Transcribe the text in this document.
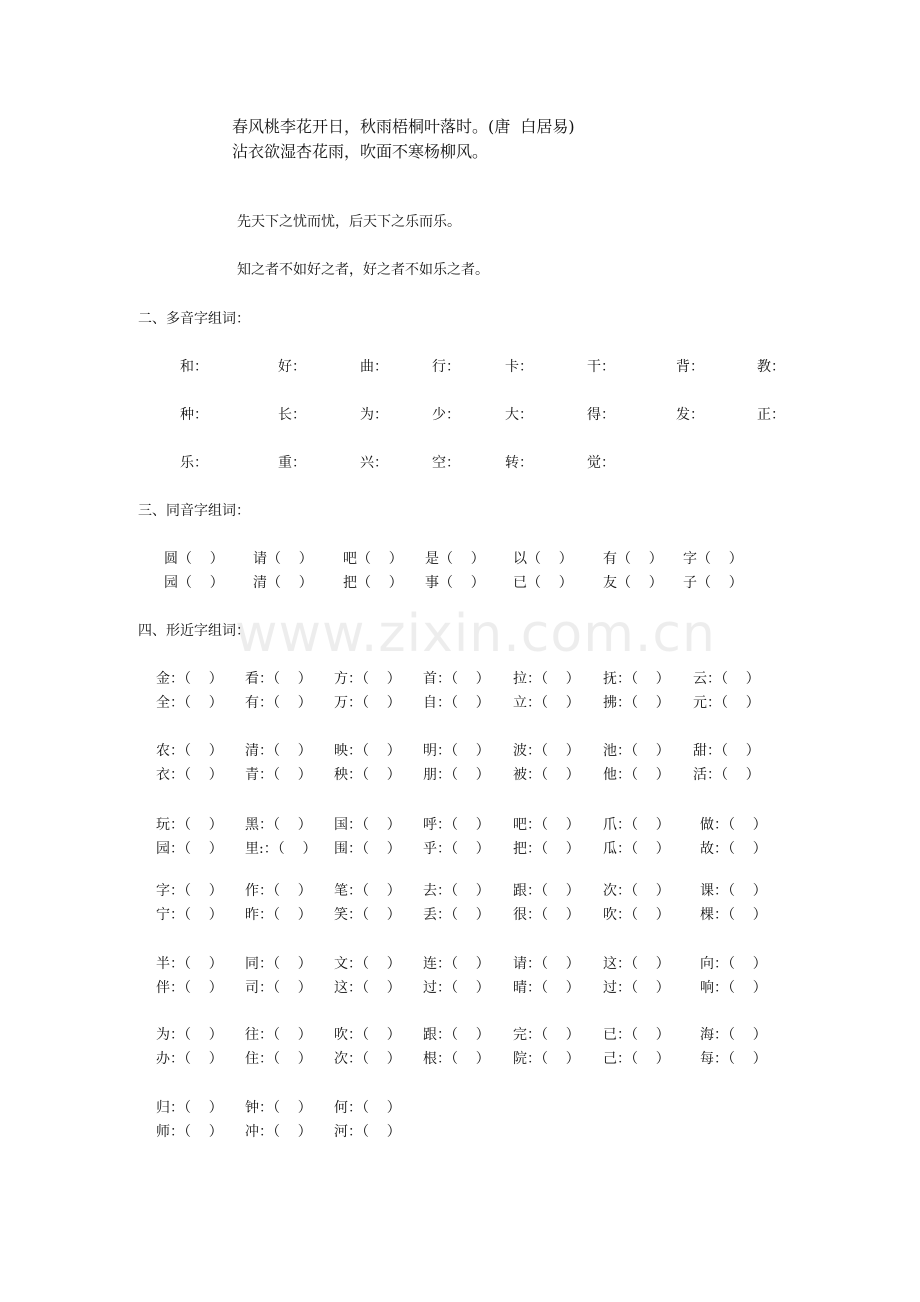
春风桃李花开日，秋雨梧桐叶落时。(唐  白居易)
沾衣欲湿杏花雨，吹面不寒杨柳风。
先天下之忧而忧，后天下之乐而乐。
知之者不如好之者，好之者不如乐之者。
二、多音字组词：
和：	好：	曲：	行：	卡：	干：	背：	教：
种：	长：	为：	少：	大：	得：	发：	正：
乐：	重：	兴：	空：	转：	觉：
三、同音字组词：
圆（    ） 请（    ） 吧（    ） 是（    ） 以（    ） 有（    ） 字（    ）
园（    ） 清（    ） 把（    ） 事（    ） 已（    ） 友（    ） 子（    ）
四、形近字组词：
金：（    ） 看：（    ） 方：（    ） 首：（    ） 拉：（    ） 抚：（    ） 云：（    ）
全：（    ） 有：（    ） 万：（    ） 自：（    ） 立：（    ） 拂：（    ） 元：（    ）
农：（    ） 清：（    ） 映：（    ） 明：（    ） 波：（    ） 池：（    ） 甜：（    ）
衣：（    ） 青：（    ） 秧：（    ） 朋：（    ） 被：（    ） 他：（    ） 活：（    ）
玩：（    ） 黑：（    ） 国：（    ） 呼：（    ） 吧：（    ） 爪：（    ） 做：（    ）
园：（    ） 里:：（    ） 围：（    ） 乎：（    ） 把：（    ） 瓜：（    ） 故：（    ）
字：（    ） 作：（    ） 笔：（    ） 去：（    ） 跟：（    ） 次：（    ） 课：（    ）
宁：（    ） 昨：（    ） 笑：（    ） 丢：（    ） 很：（    ） 吹：（    ） 棵：（    ）
半：（    ） 同：（    ） 文：（    ） 连：（    ） 请：（    ） 这：（    ） 向：（    ）
伴：（    ） 司：（    ） 这：（    ） 过：（    ） 晴：（    ） 过：（    ） 响：（    ）
为：（    ） 往：（    ） 吹：（    ） 跟：（    ） 完：（    ） 已：（    ） 海：（    ）
办：（    ） 住：（    ） 次：（    ） 根：（    ） 院：（    ） 己：（    ） 每：（    ）
归：（    ） 钟：（    ） 何：（    ）
师：（    ） 冲：（    ） 河：（    ）
www.zixin.com.cn
